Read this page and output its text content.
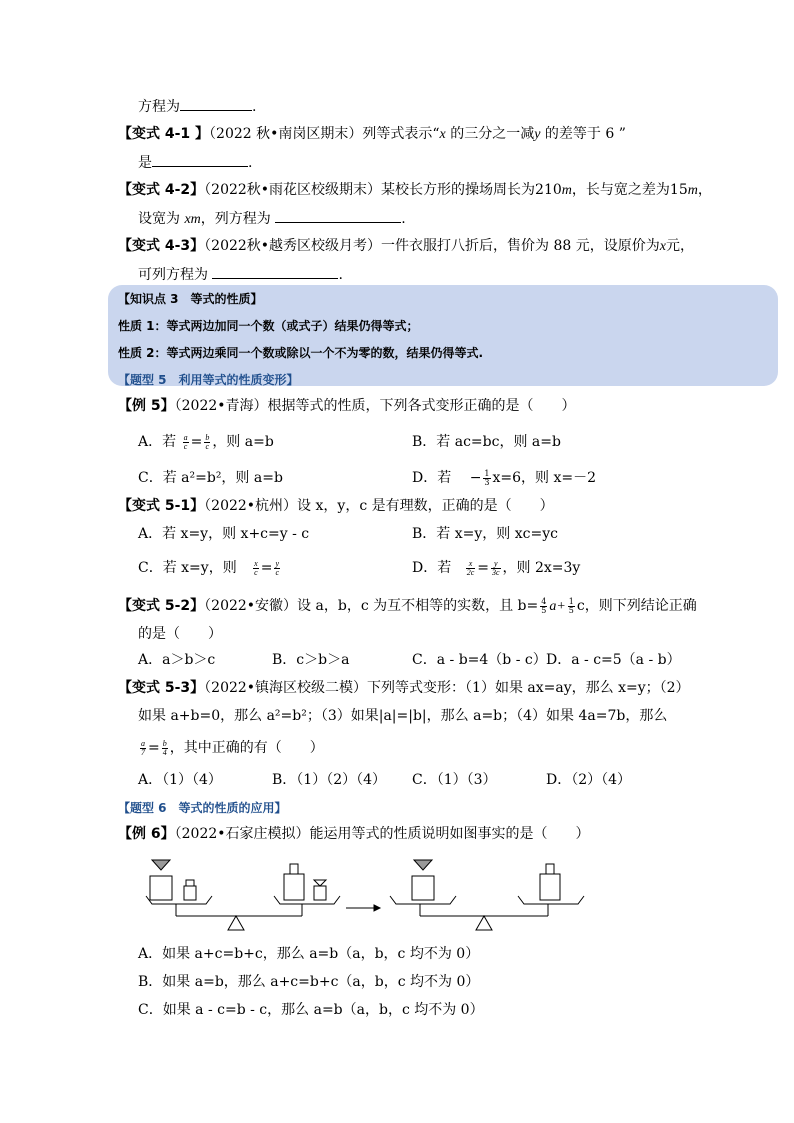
方程为	.
【变式 4-1 】（2022 秋•南岗区期末）列等式表示“x 的三分之一减y 的差等于 6 ”
是	.
【变式 4-2】（2022秋•雨花区校级期末）某校长方形的操场周长为210m，长与宽之差为15m，
设宽为 xm，列方程为	.
【变式 4-3】（2022秋•越秀区校级月考）一件衣服打八折后，售价为 88 元，设原价为x元，
可列方程为	.
【知识点 3　等式的性质】
性质 1：等式两边加同一个数（或式子）结果仍得等式；
性质 2：等式两边乘同一个数或除以一个不为零的数，结果仍得等式.
【题型 5　利用等式的性质变形】
【例 5】（2022•青海）根据等式的性质，下列各式变形正确的是（　　）
A．若 $\frac{a}{c} = \frac{b}{c}$ ，则 a=b	B．若 ac=bc，则 a=b
C．若 a²=b²，则 a=b	D．若 − $\frac{1}{3} x=6$，则 x=－2
【变式 5-1】（2022•杭州）设 x，y，c 是有理数，正确的是（　　）
A．若 x=y，则 x+c=y - c	B．若 x=y，则 xc=yc
C．若 x=y，则 $\frac{x}{c} = \frac{y}{c}$	D．若 $\frac{x}{2c} = \frac{y}{3c}$ ，则 2x=3y
【变式 5-2】（2022•安徽）设 a，b，c 为互不相等的实数，且 $b= \frac{4}{5} a+ \frac{1}{5}$ c，则下列结论正确
的是（　　）
A．a＞b＞c	B．c＞b＞a	C．a - b=4（b - c） D．a - c=5（a - b）
【变式 5-3】（2022•镇海区校级二模）下列等式变形：（1）如果 ax=ay，那么 x=y；（2）
如果 a+b=0，那么 a²=b²；（3）如果|a|=|b|，那么 a=b；（4）如果 4a=7b，那么
$\frac{a}{7} = \frac{b}{4}$ ，其中正确的有（　　）
A．（1）（4）	B．（1）（2）（4） C．（1）（3）	D．（2）（4）
【题型 6　等式的性质的应用】
【例 6】（2022•石家庄模拟）能运用等式的性质说明如图事实的是（　　）
A．如果 a+c=b+c，那么 a=b（a，b，c 均不为 0）
B．如果 a=b，那么 a+c=b+c（a，b，c 均不为 0）
C．如果 a - c=b - c，那么 a=b（a，b，c 均不为 0）
